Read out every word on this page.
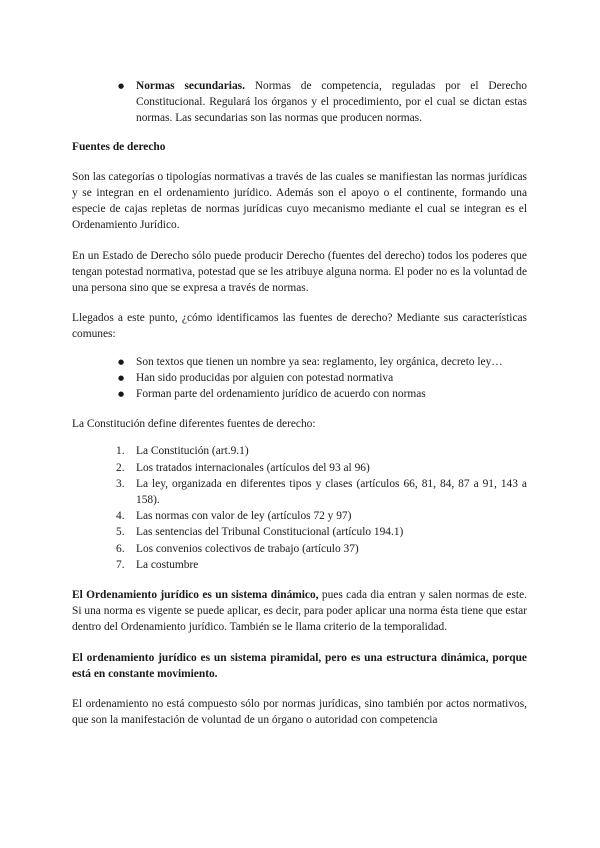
● Normas secundarias. Normas de competencia, reguladas por el Derecho Constitucional. Regulará los órganos y el procedimiento, por el cual se dictan estas normas. Las secundarias son las normas que producen normas.

Fuentes de derecho

Son las categorías o tipologías normativas a través de las cuales se manifiestan las normas jurídicas y se integran en el ordenamiento jurídico. Además son el apoyo o el continente, formando una especie de cajas repletas de normas jurídicas cuyo mecanismo mediante el cual se integran es el Ordenamiento Jurídico.

En un Estado de Derecho sólo puede producir Derecho (fuentes del derecho) todos los poderes que tengan potestad normativa, potestad que se les atribuye alguna norma. El poder no es la voluntad de una persona sino que se expresa a través de normas.

Llegados a este punto, ¿cómo identificamos las fuentes de derecho? Mediante sus características comunes:

● Son textos que tienen un nombre ya sea: reglamento, ley orgánica, decreto ley…
● Han sido producidas por alguien con potestad normativa
● Forman parte del ordenamiento jurídico de acuerdo con normas

La Constitución define diferentes fuentes de derecho:

1. La Constitución (art.9.1)
2. Los tratados internacionales (artículos del 93 al 96)
3. La ley, organizada en diferentes tipos y clases (artículos 66, 81, 84, 87 a 91, 143 a 158).
4. Las normas con valor de ley (artículos 72 y 97)
5. Las sentencias del Tribunal Constitucional (artículo 194.1)
6. Los convenios colectivos de trabajo (artículo 37)
7. La costumbre

El Ordenamiento jurídico es un sistema dinámico, pues cada dia entran y salen normas de este. Si una norma es vigente se puede aplicar, es decir, para poder aplicar una norma ésta tiene que estar dentro del Ordenamiento jurídico. También se le llama criterio de la temporalidad.

El ordenamiento jurídico es un sistema piramidal, pero es una estructura dinámica, porque está en constante movimiento.

El ordenamiento no está compuesto sólo por normas jurídicas, sino también por actos normativos, que son la manifestación de voluntad de un órgano o autoridad con competencia
